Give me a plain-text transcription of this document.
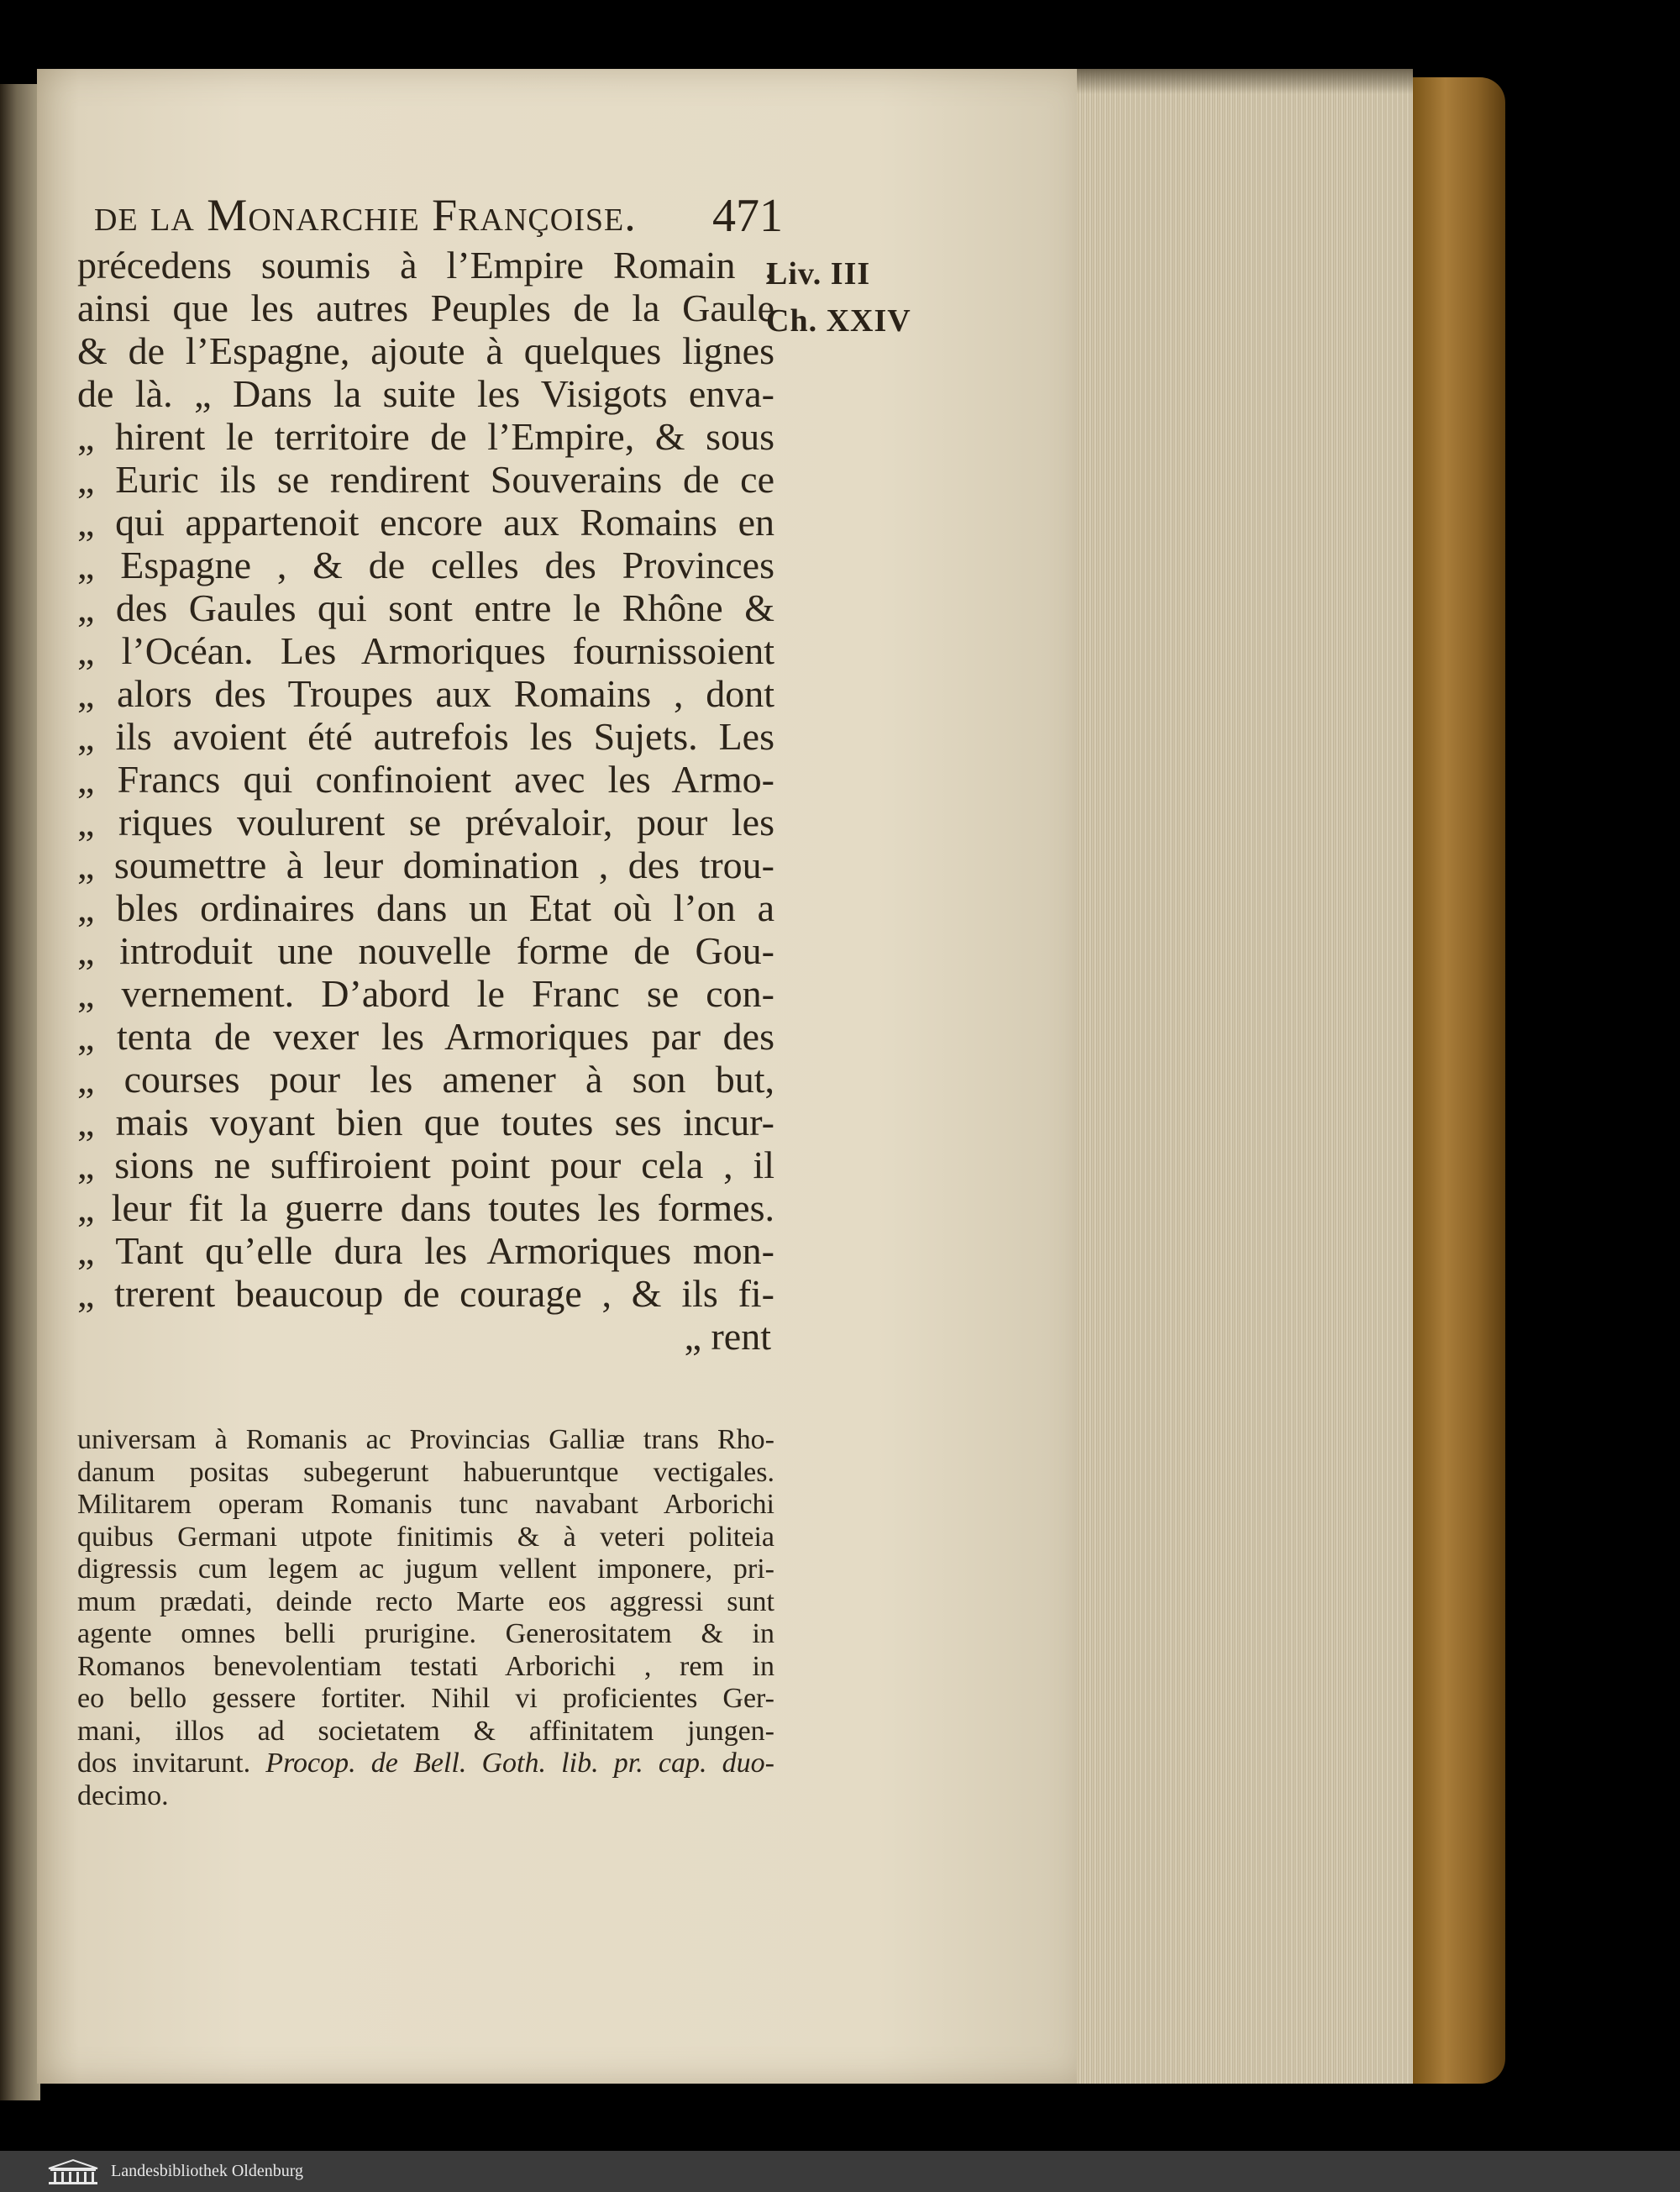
de la Monarchie Françoise.	471
Liv. III
Ch. XXIV
précedens soumis à l’Empire Romain ,
ainsi que les autres Peuples de la Gaule
& de l’Espagne, ajoute à quelques lignes
de là. „ Dans la suite les Visigots enva-
„ hirent le territoire de l’Empire, & sous
„ Euric ils se rendirent Souverains de ce
„ qui appartenoit encore aux Romains en
„ Espagne , & de celles des Provinces
„ des Gaules qui sont entre le Rhône &
„ l’Océan. Les Armoriques fournissoient
„ alors des Troupes aux Romains , dont
„ ils avoient été autrefois les Sujets. Les
„ Francs qui confinoient avec les Armo-
„ riques voulurent se prévaloir, pour les
„ soumettre à leur domination , des trou-
„ bles ordinaires dans un Etat où l’on a
„ introduit une nouvelle forme de Gou-
„ vernement. D’abord le Franc se con-
„ tenta de vexer les Armoriques par des
„ courses pour les amener à son but,
„ mais voyant bien que toutes ses incur-
„ sions ne suffiroient point pour cela , il
„ leur fit la guerre dans toutes les formes.
„ Tant qu’elle dura les Armoriques mon-
„ trerent beaucoup de courage , & ils fi-
„ rent
universam à Romanis ac Provincias Galliæ trans Rho-
danum positas subegerunt habueruntque vectigales.
Militarem operam Romanis tunc navabant Arborichi
quibus Germani utpote finitimis & à veteri politeia
digressis cum legem ac jugum vellent imponere, pri-
mum prædati, deinde recto Marte eos aggressi sunt
agente omnes belli prurigine. Generositatem & in
Romanos benevolentiam testati Arborichi , rem in
eo bello gessere fortiter. Nihil vi proficientes Ger-
mani, illos ad societatem & affinitatem jungen-
dos invitarunt. Procop. de Bell. Goth. lib. pr. cap. duo-
decimo.
Landesbibliothek Oldenburg
